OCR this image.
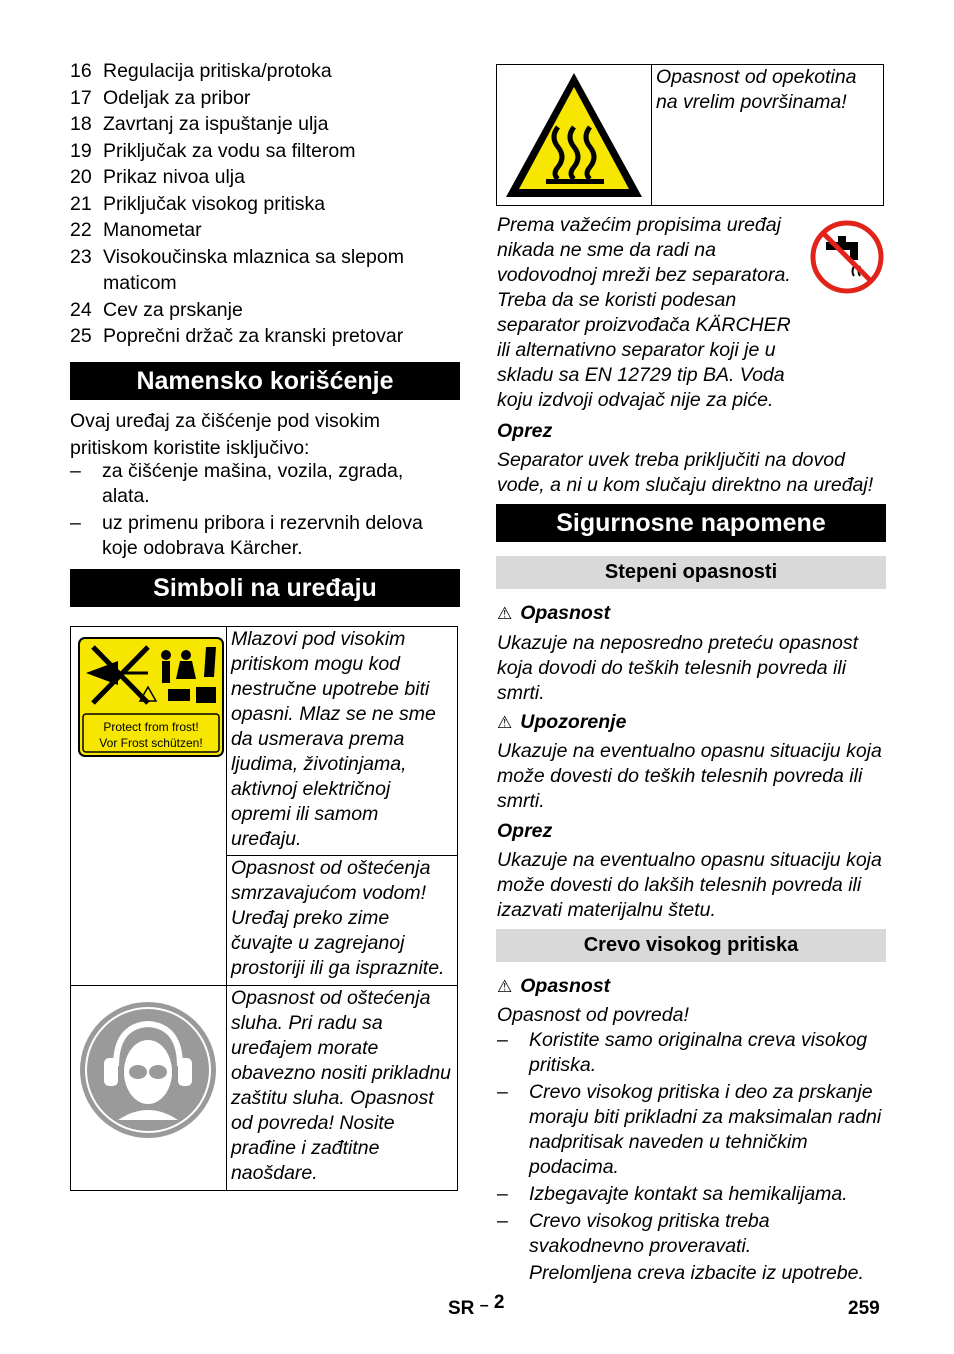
16 Regulacija pritiska/protoka
17 Odeljak za pribor
18 Zavrtanj za ispuštanje ulja
19 Priključak za vodu sa filterom
20 Prikaz nivoa ulja
21 Priključak visokog pritiska
22 Manometar
23 Visokoučinska mlaznica sa slepom maticom
24 Cev za prskanje
25 Poprečni držač za kranski pretovar
Namensko korišćenje
Ovaj uređaj za čišćenje pod visokim pritiskom koristite isključivo:
–	za čišćenje mašina, vozila, zgrada, alata.
–	uz primenu pribora i rezervnih delova koje odobrava Kärcher.
Simboli na uređaju
Protect from frost!
Vor Frost schützen!	Mlazovi pod visokim pritiskom mogu kod nestručne upotrebe biti opasni. Mlaz se ne sme da usmerava prema ljudima, životinjama, aktivnoj električnoj opremi ili samom uređaju.

	Opasnost od oštećenja smrzavajućom vodom! Uređaj preko zime čuvajte u zagrejanoj prostoriji ili ga ispraznite.

Opasnost od oštećenja sluha. Pri radu sa uređajem morate obavezno nositi prikladnu zaštitu sluha. Opasnost od povreda! Nosite prađine i zađtitne naošdare.

Opasnost od opekotina na vrelim površinama!
Prema važećim propisima uređaj nikada ne sme da radi na vodovodnoj mreži bez separatora. Treba da se koristi podesan separator proizvođača KÄRCHER ili alternativno separator koji je u skladu sa EN 12729 tip BA. Voda koju izdvoji odvajač nije za piće.
Oprez
Separator uvek treba priključiti na dovod vode, a ni u kom slučaju direktno na uređaj!
Sigurnosne napomene
Stepeni opasnosti
⚠ Opasnost
Ukazuje na neposredno preteću opasnost koja dovodi do teških telesnih povreda ili smrti.
⚠ Upozorenje
Ukazuje na eventualno opasnu situaciju koja može dovesti do teških telesnih povreda ili smrti.
Oprez
Ukazuje na eventualno opasnu situaciju koja može dovesti do lakših telesnih povreda ili izazvati materijalnu štetu.
Crevo visokog pritiska
⚠ Opasnost
Opasnost od povreda!
–	Koristite samo originalna creva visokog pritiska.
–	Crevo visokog pritiska i deo za prskanje moraju biti prikladni za maksimalan radni nadpritisak naveden u tehničkim podacima.
–	Izbegavajte kontakt sa hemikalijama.
–	Crevo visokog pritiska treba svakodnevno proveravati.
Prelomljena creva izbacite iz upotrebe.
SR – 2	259
